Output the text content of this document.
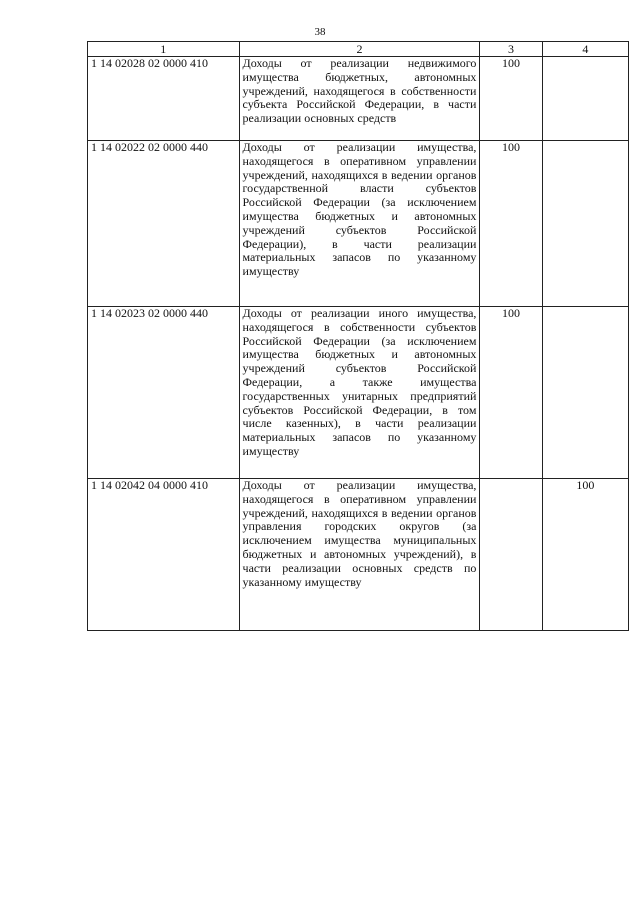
38
1	2	3	4
1 14 02028 02 0000 410	Доходы от реализации недвижимого имущества бюджетных, автономных учреждений, находящегося в собственности субъекта Российской Федерации, в части реализации основных средств	100	
1 14 02022 02 0000 440	Доходы от реализации имущества, находящегося в оперативном управлении учреждений, находящихся в ведении органов государственной власти субъектов Российской Федерации (за исключением имущества бюджетных и автономных учреждений субъектов Российской Федерации), в части реализации материальных запасов по указанному имуществу	100	
1 14 02023 02 0000 440	Доходы от реализации иного имущества, находящегося в собственности субъектов Российской Федерации (за исключением имущества бюджетных и автономных учреждений субъектов Российской Федерации, а также имущества государственных унитарных предприятий субъектов Российской Федерации, в том числе казенных), в части реализации материальных запасов по указанному имуществу	100	
1 14 02042 04 0000 410	Доходы от реализации имущества, находящегося в оперативном управлении учреждений, находящихся в ведении органов управления городских округов (за исключением имущества муниципальных бюджетных и автономных учреждений), в части реализации основных средств по указанному имуществу		100
